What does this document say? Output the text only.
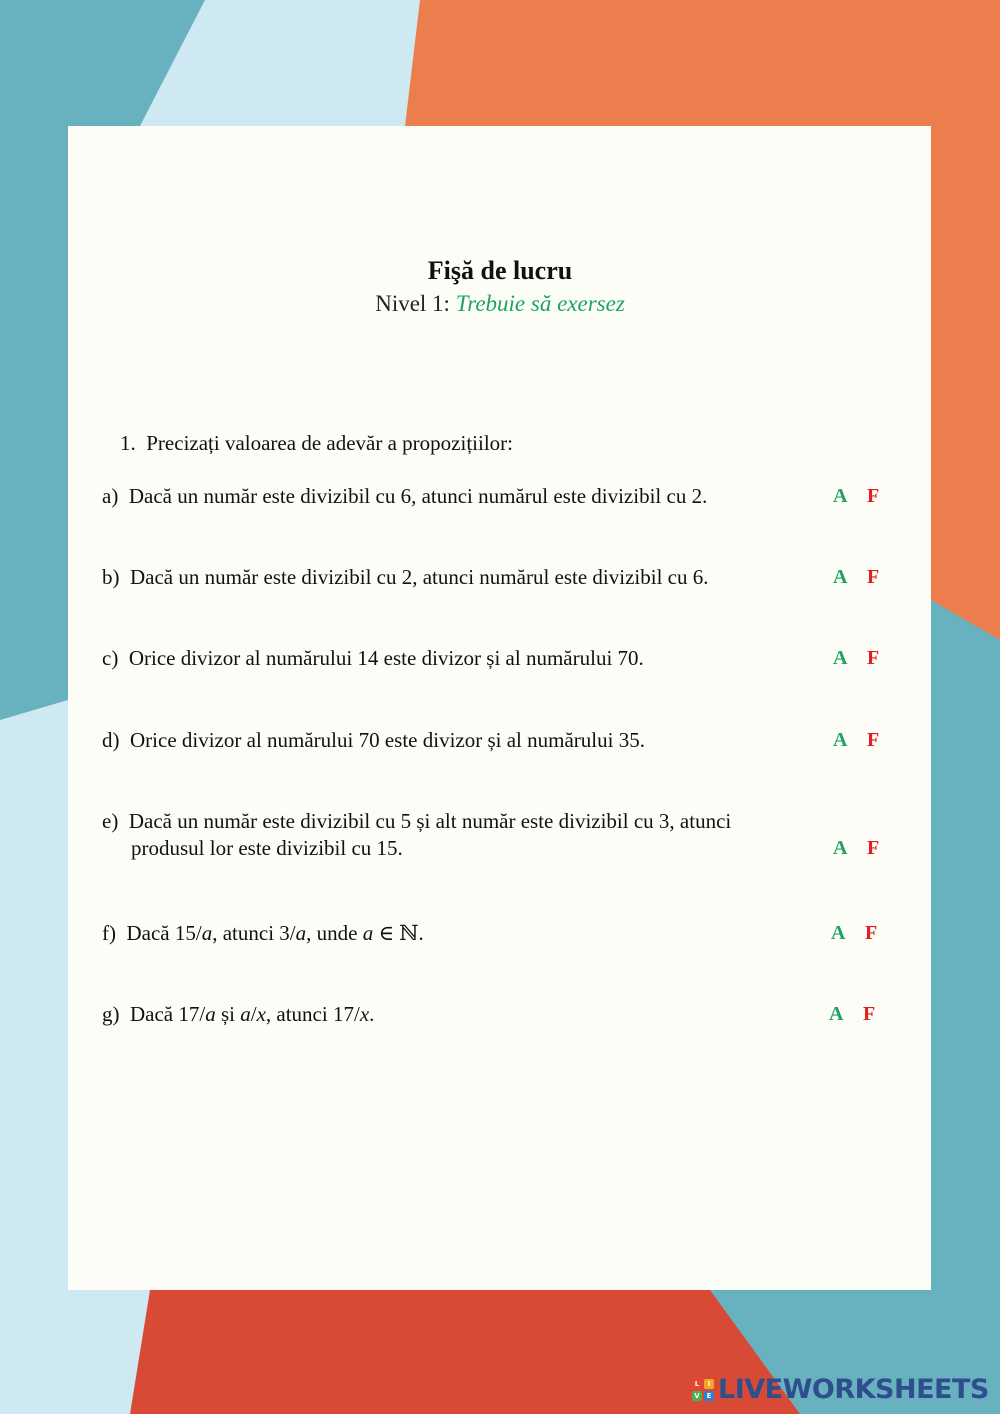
Fişă de lucru
Nivel 1: Trebuie să exersez
1. Precizați valoarea de adevăr a propozițiilor:
a) Dacă un număr este divizibil cu 6, atunci numărul este divizibil cu 2.	A F
b) Dacă un număr este divizibil cu 2, atunci numărul este divizibil cu 6.	A F
c) Orice divizor al numărului 14 este divizor și al numărului 70.	A F
d) Orice divizor al numărului 70 este divizor și al numărului 35.	A F
e) Dacă un număr este divizibil cu 5 și alt număr este divizibil cu 3, atunci
produsul lor este divizibil cu 15.	A F
f) Dacă 15/a, atunci 3/a, unde a ∈ ℕ.	A F
g) Dacă 17/a și a/x, atunci 17/x.	A F
L	I
V E LIVEWORKSHEETS
